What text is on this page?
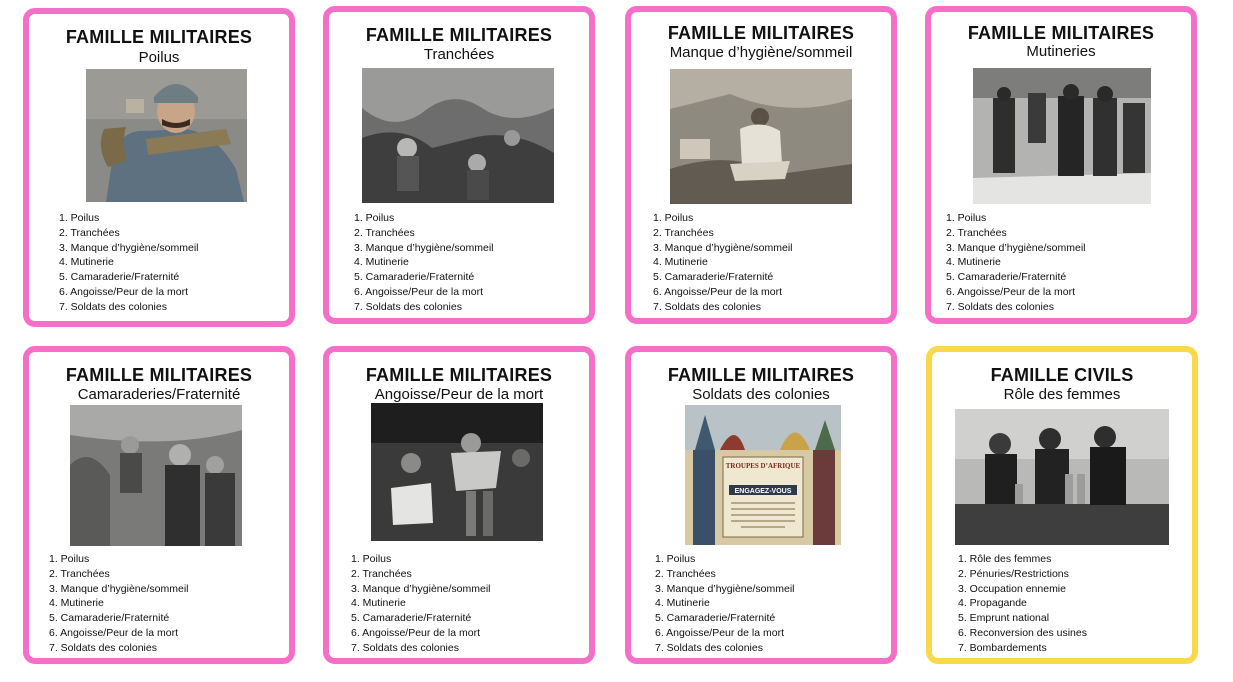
FAMILLE MILITAIRES
Poilus
1. Poilus
2. Tranchées
3. Manque d’hygiène/sommeil
4. Mutinerie
5. Camaraderie/Fraternité
6. Angoisse/Peur de la mort
7. Soldats des colonies
FAMILLE MILITAIRES
Tranchées
1. Poilus
2. Tranchées
3. Manque d’hygiène/sommeil
4. Mutinerie
5. Camaraderie/Fraternité
6. Angoisse/Peur de la mort
7. Soldats des colonies
FAMILLE MILITAIRES
Manque d’hygiène/sommeil
1. Poilus
2. Tranchées
3. Manque d’hygiène/sommeil
4. Mutinerie
5. Camaraderie/Fraternité
6. Angoisse/Peur de la mort
7. Soldats des colonies
FAMILLE MILITAIRES
Mutineries
1. Poilus
2. Tranchées
3. Manque d’hygiène/sommeil
4. Mutinerie
5. Camaraderie/Fraternité
6. Angoisse/Peur de la mort
7. Soldats des colonies
FAMILLE MILITAIRES
Camaraderies/Fraternité
1. Poilus
2. Tranchées
3. Manque d’hygiène/sommeil
4. Mutinerie
5. Camaraderie/Fraternité
6. Angoisse/Peur de la mort
7. Soldats des colonies
FAMILLE MILITAIRES
Angoisse/Peur de la mort
1. Poilus
2. Tranchées
3. Manque d’hygiène/sommeil
4. Mutinerie
5. Camaraderie/Fraternité
6. Angoisse/Peur de la mort
7. Soldats des colonies
FAMILLE MILITAIRES
Soldats des colonies
TROUPES D’AFRIQUE
ENGAGEZ-VOUS
1. Poilus
2. Tranchées
3. Manque d’hygiène/sommeil
4. Mutinerie
5. Camaraderie/Fraternité
6. Angoisse/Peur de la mort
7. Soldats des colonies
FAMILLE CIVILS
Rôle des femmes
1. Rôle des femmes
2. Pénuries/Restrictions
3. Occupation ennemie
4. Propagande
5. Emprunt national
6. Reconversion des usines
7. Bombardements
